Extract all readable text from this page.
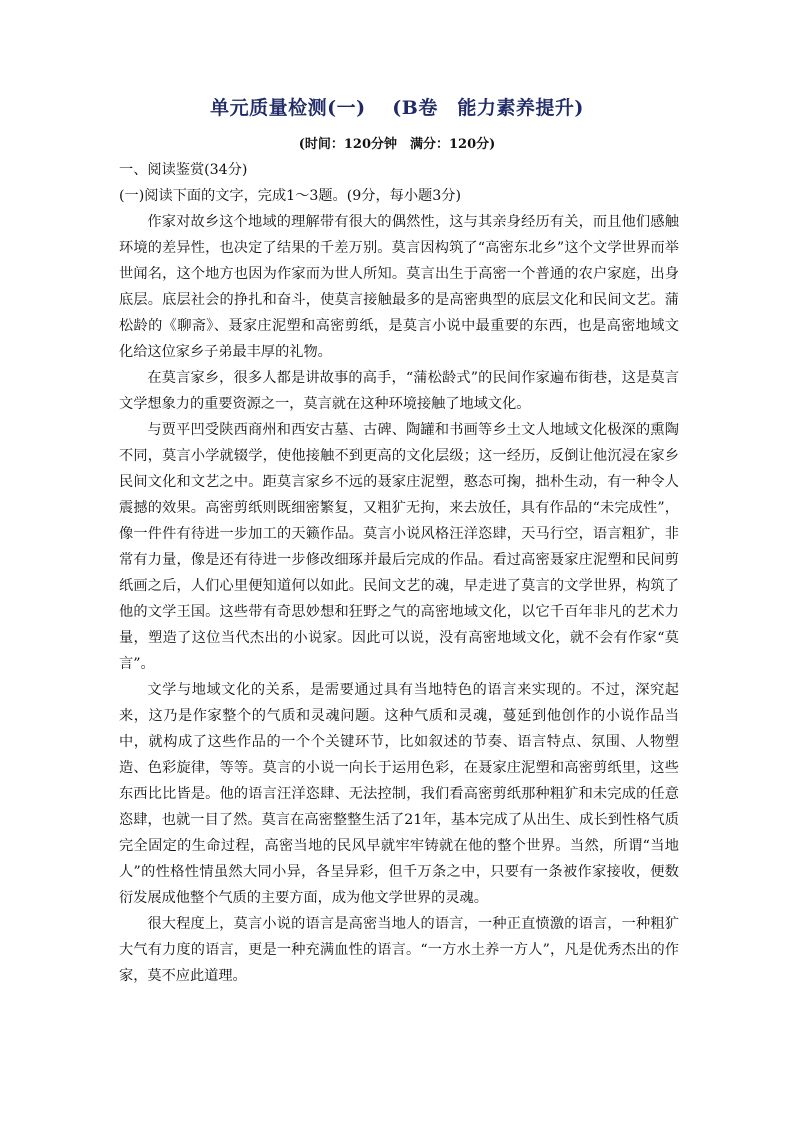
单元质量检测(一)　 (B卷　能力素养提升)
(时间：120分钟　满分：120分)

一、阅读鉴赏(34分)

(一)阅读下面的文字，完成1～3题。(9分，每小题3分)

作家对故乡这个地域的理解带有很大的偶然性，这与其亲身经历有关，而且他们感触环境的差异性，也决定了结果的千差万别。莫言因构筑了“高密东北乡”这个文学世界而举世闻名，这个地方也因为作家而为世人所知。莫言出生于高密一个普通的农户家庭，出身底层。底层社会的挣扎和奋斗，使莫言接触最多的是高密典型的底层文化和民间文艺。蒲松龄的《聊斋》、聂家庄泥塑和高密剪纸，是莫言小说中最重要的东西，也是高密地域文化给这位家乡子弟最丰厚的礼物。

在莫言家乡，很多人都是讲故事的高手，“蒲松龄式”的民间作家遍布街巷，这是莫言文学想象力的重要资源之一，莫言就在这种环境接触了地域文化。

与贾平凹受陕西商州和西安古墓、古碑、陶罐和书画等乡土文人地域文化极深的熏陶不同，莫言小学就辍学，使他接触不到更高的文化层级；这一经历，反倒让他沉浸在家乡民间文化和文艺之中。距莫言家乡不远的聂家庄泥塑，憨态可掬，拙朴生动，有一种令人震撼的效果。高密剪纸则既细密繁复，又粗犷无拘，来去放任，具有作品的“未完成性”，像一件件有待进一步加工的天籁作品。莫言小说风格汪洋恣肆，天马行空，语言粗犷，非常有力量，像是还有待进一步修改细琢并最后完成的作品。看过高密聂家庄泥塑和民间剪纸画之后，人们心里便知道何以如此。民间文艺的魂，早走进了莫言的文学世界，构筑了他的文学王国。这些带有奇思妙想和狂野之气的高密地域文化，以它千百年非凡的艺术力量，塑造了这位当代杰出的小说家。因此可以说，没有高密地域文化，就不会有作家“莫言”。

文学与地域文化的关系，是需要通过具有当地特色的语言来实现的。不过，深究起来，这乃是作家整个的气质和灵魂问题。这种气质和灵魂，蔓延到他创作的小说作品当中，就构成了这些作品的一个个关键环节，比如叙述的节奏、语言特点、氛围、人物塑造、色彩旋律，等等。莫言的小说一向长于运用色彩，在聂家庄泥塑和高密剪纸里，这些东西比比皆是。他的语言汪洋恣肆、无法控制，我们看高密剪纸那种粗犷和未完成的任意恣肆，也就一目了然。莫言在高密整整生活了21年，基本完成了从出生、成长到性格气质完全固定的生命过程，高密当地的民风早就牢牢铸就在他的整个世界。当然，所谓“当地人”的性格性情虽然大同小异，各呈异彩，但千万条之中，只要有一条被作家接收，便数衍发展成他整个气质的主要方面，成为他文学世界的灵魂。

很大程度上，莫言小说的语言是高密当地人的语言，一种正直愤激的语言，一种粗犷大气有力度的语言，更是一种充满血性的语言。“一方水土养一方人”，凡是优秀杰出的作家，莫不应此道理。
